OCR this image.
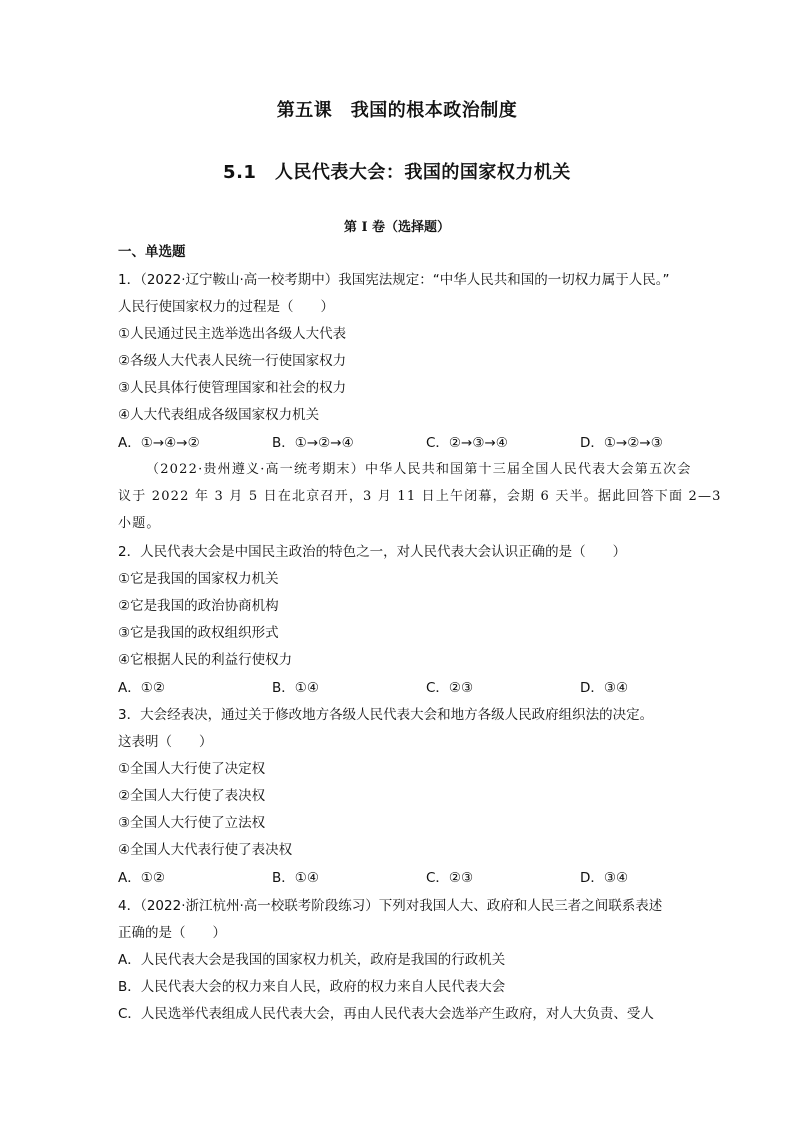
第五课　我国的根本政治制度
5.1　人民代表大会：我国的国家权力机关
第 I 卷（选择题）
一、单选题
1．（2022·辽宁鞍山·高一校考期中）我国宪法规定：“中华人民共和国的一切权力属于人民。”
人民行使国家权力的过程是（　　）
①人民通过民主选举选出各级人大代表
②各级人大代表人民统一行使国家权力
③人民具体行使管理国家和社会的权力
④人大代表组成各级国家权力机关
A．①→④→②	B．①→②→④	C．②→③→④	D．①→②→③
（2022·贵州遵义·高一统考期末）中华人民共和国第十三届全国人民代表大会第五次会
议于 2022 年 3 月 5 日在北京召开，3 月 11 日上午闭幕，会期 6 天半。据此回答下面 2—3
小题。
2．人民代表大会是中国民主政治的特色之一，对人民代表大会认识正确的是（　　）
①它是我国的国家权力机关
②它是我国的政治协商机构
③它是我国的政权组织形式
④它根据人民的利益行使权力
A．①②	B．①④	C．②③	D．③④
3．大会经表决，通过关于修改地方各级人民代表大会和地方各级人民政府组织法的决定。
这表明（　　）
①全国人大行使了决定权
②全国人大行使了表决权
③全国人大行使了立法权
④全国人大代表行使了表决权
A．①②	B．①④	C．②③	D．③④
4．（2022·浙江杭州·高一校联考阶段练习）下列对我国人大、政府和人民三者之间联系表述
正确的是（　　）
A．人民代表大会是我国的国家权力机关，政府是我国的行政机关
B．人民代表大会的权力来自人民，政府的权力来自人民代表大会
C．人民选举代表组成人民代表大会，再由人民代表大会选举产生政府，对人大负责、受人
